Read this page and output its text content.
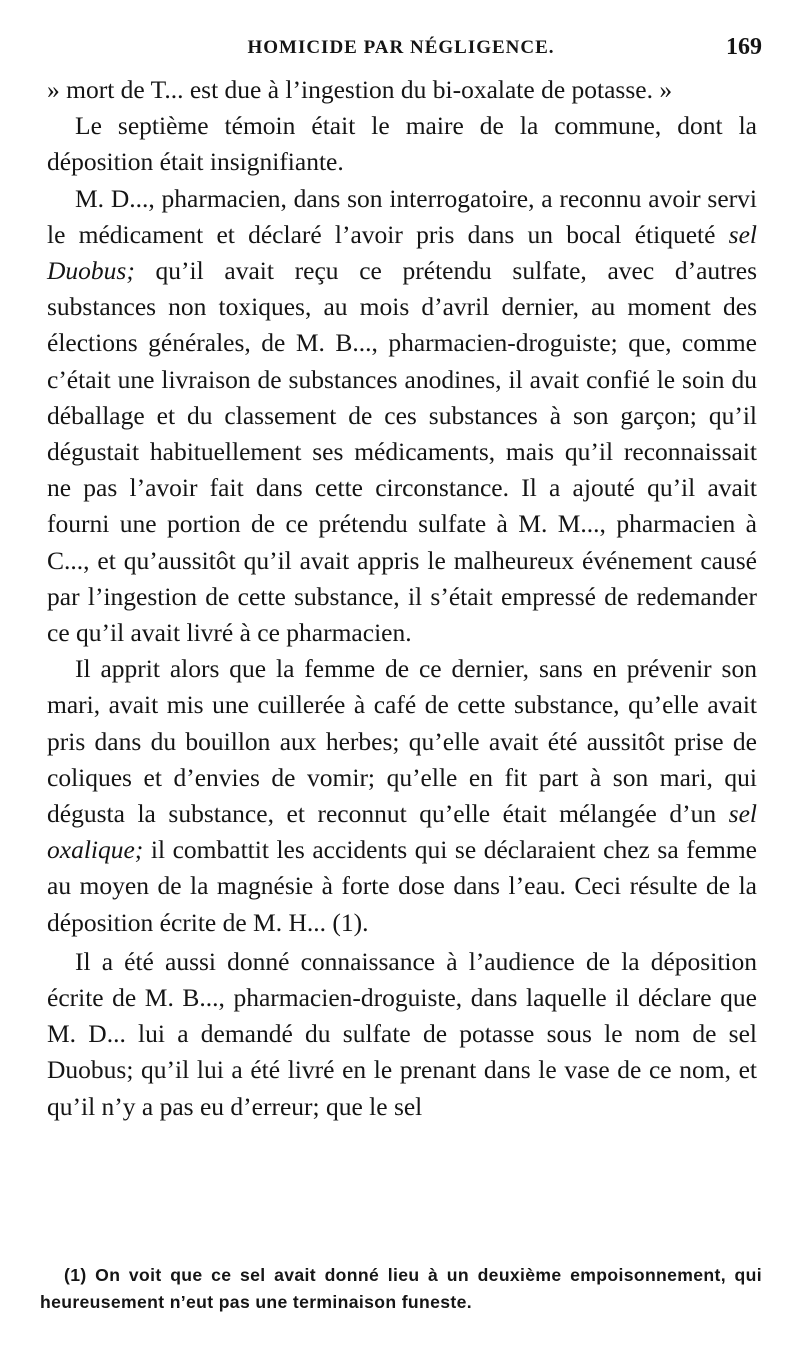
HOMICIDE PAR NÉGLIGENCE.	169

» mort de T... est due à l’ingestion du bi-oxalate de potasse. »

Le septième témoin était le maire de la commune, dont la déposition était insignifiante.

M. D..., pharmacien, dans son interrogatoire, a reconnu avoir servi le médicament et déclaré l’avoir pris dans un bocal étiqueté sel Duobus; qu’il avait reçu ce prétendu sulfate, avec d’autres substances non toxiques, au mois d’avril dernier, au moment des élections générales, de M. B..., pharmacien-droguiste; que, comme c’était une livraison de substances anodines, il avait confié le soin du déballage et du classement de ces substances à son garçon; qu’il dégustait habituellement ses médicaments, mais qu’il reconnaissait ne pas l’avoir fait dans cette circonstance. Il a ajouté qu’il avait fourni une portion de ce prétendu sulfate à M. M..., pharmacien à C..., et qu’aussitôt qu’il avait appris le malheureux événement causé par l’ingestion de cette substance, il s’était empressé de redemander ce qu’il avait livré à ce pharmacien.

Il apprit alors que la femme de ce dernier, sans en prévenir son mari, avait mis une cuillerée à café de cette substance, qu’elle avait pris dans du bouillon aux herbes; qu’elle avait été aussitôt prise de coliques et d’envies de vomir; qu’elle en fit part à son mari, qui dégusta la substance, et reconnut qu’elle était mélangée d’un sel oxalique; il combattit les accidents qui se déclaraient chez sa femme au moyen de la magnésie à forte dose dans l’eau. Ceci résulte de la déposition écrite de M. H... (1).

Il a été aussi donné connaissance à l’audience de la déposition écrite de M. B..., pharmacien-droguiste, dans laquelle il déclare que M. D... lui a demandé du sulfate de potasse sous le nom de sel Duobus; qu’il lui a été livré en le prenant dans le vase de ce nom, et qu’il n’y a pas eu d’erreur; que le sel

(1) On voit que ce sel avait donné lieu à un deuxième empoisonnement, qui heureusement n’eut pas une terminaison funeste.
